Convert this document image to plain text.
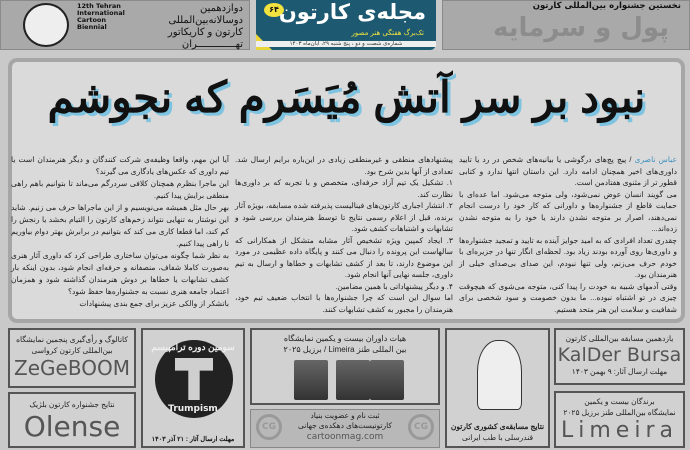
12th Tehran International Cartoon Biennial
دوازدهمین
دوسالانه‌بین‌المللی
کارتون و کاریکاتور
تهـــــــــــــران
۶۴ مجله‌ی کارتون
تک‌برگ هفتگی هنر مصور
شماره‌ی شصت و دو ، پنج شنبه ۲۹، آبان‌ماه ۱۴۰۳
نخستین جشنواره بین‌المللی کارتون
پول و سرمایه
نبود بر سر آتش مُیَسَرم که نجوشم

عباس ناصری / پیچ پچ‌های درگوشی یا بیانیه‌های شخص در رد یا تایید داوری‌های اخیر همچنان ادامه دارد. این داستان انتها ندارد و کتابی قطور تر از مثنوی هفتادمن است.

می گویند انسان عوض نمی‌شود، ولی متوجه می‌شود. اما عده‌ای با حمایت قاطع از جشنواره‌ها و داورانی که کار خود را درست انجام نمی‌دهند، اصرار بر متوجه نشدن دارند یا خود را به متوجه نشدن زده‌اند...

چقدری تعداد افرادی که به امید جوایز آینده به تایید و تمجید جشنواره‌ها و داوری‌ها روی آورده بودند زیاد بود. لحظه‌ای انگار تنها در جزیره‌ای با خودم حرف می‌زنم، ولی تنها نبودم، این صدای بی‌صدای خیلی از هنرمندان بود.

وقتی آدمهای شبیه به خودت را پیدا کنی، متوجه می‌شوی که هیچوقت چیزی در تو اشتباه نبوده... ما بدون خصومت و سود شخصی برای شفافیت و سلامت این هنر متحد هستیم.

پیشنهادهای منطقی و غیرمنطقی زیادی در این‌باره برایم ارسال شد. تعدادی از آنها بدین شرح بود.

۱. تشکیل یک تیم آزاد حرفه‌ای، متخصص و با تجربه که بر داوری‌ها نظارت کند.

۲. انتشار اجباری کارتون‌های فینالیست پذیرفته شده مسابقه، بویژه آثار برنده، قبل از اعلام رسمی نتایج تا توسط هنرمندان بررسی شود و تشابهات و اشتباهات کشف شود.

۳. ایجاد کمپین ویژه تشخیص آثار مشابه متشکل از همکارانی که سالهاست این پرونده را دنبال می کنند و پایگاه داده عظیمی در مورد این موضوع دارند، تا بعد از کشف تشابهات و خطاها و ارسال به تیم داوری، جلسه نهایی آنها انجام شود.

۴. و دیگر پیشنهاداتی با همین مضامین.

اما سوال این است که چرا جشنواره‌ها با انتخاب ضعیف تیم خود، هنرمندان را مجبور به کشف تشابهات کنند.

آیا این مهم، واقعا وظیفه‌ی شرکت کنندگان و دیگر هنرمندان است یا تیم داوری که عکس‌های یادگاری می گیرند؟

این ماجرا بنظرم همچنان کلافی سردرگم می‌ماند تا بتوانیم باهم راهی منطقی برایش پیدا کنیم.

بهر حال مثل همیشه می‌نویسیم و از این ماجراها حرف می زنیم. شاید این نوشتار به تنهایی نتواند زخم‌های کارتون را التیام بخشد یا رنجش را کم کند، اما قطعا کاری می کند که بتوانیم در برابرش بهتر دوام بیاوریم تا راهی پیدا کنیم.

به نظر شما چگونه می‌توان ساختاری طراحی کرد که داوری آثار هنری به‌صورت کاملا شفاف، منصفانه و حرفه‌ای انجام شود، بدون اینکه بار کشف تشابهات یا خطاها بر دوش هنرمندان گذاشته شود و همزمان اعتماد جامعه هنری نسبت به جشنواره‌ها حفظ شود؟

باتشکر از والکی عزیز برای جمع بندی پیشنهادات

کاتالوگ و رأی‌گیری پنجمین نمایشگاه
بین‌المللی کارتون کرواسی
ZeGeBOOM
نتایج جشنواره کارتون بلژیک
Olense
سومین دوره ترامپیسم
Trumpism
مهلت ارسال آثار : ۲۱ آذر ۱۴۰۳
هیات داوران بیست و یکمین نمایشگاه
بین المللی طنز Limeira / برزیل ۲۰۲۵
CG	CG
ثبت نام و عضویت بنیاد
کارتونیست‌های دهکده‌ی جهانی
cartoonmag.com
نتایج مسابقه‌ی کشوری کارتون
قندرسلی با طب ایرانی
یازدهمین مسابقه بین‌المللی کارتون
KalDer Bursa
مهلت ارسال آثار: ۹ بهمن ۱۴۰۳
برندگان بیست و یکمین
نمایشگاه بین‌المللی طنز برزیل ۲۰۲۵
Limeira
